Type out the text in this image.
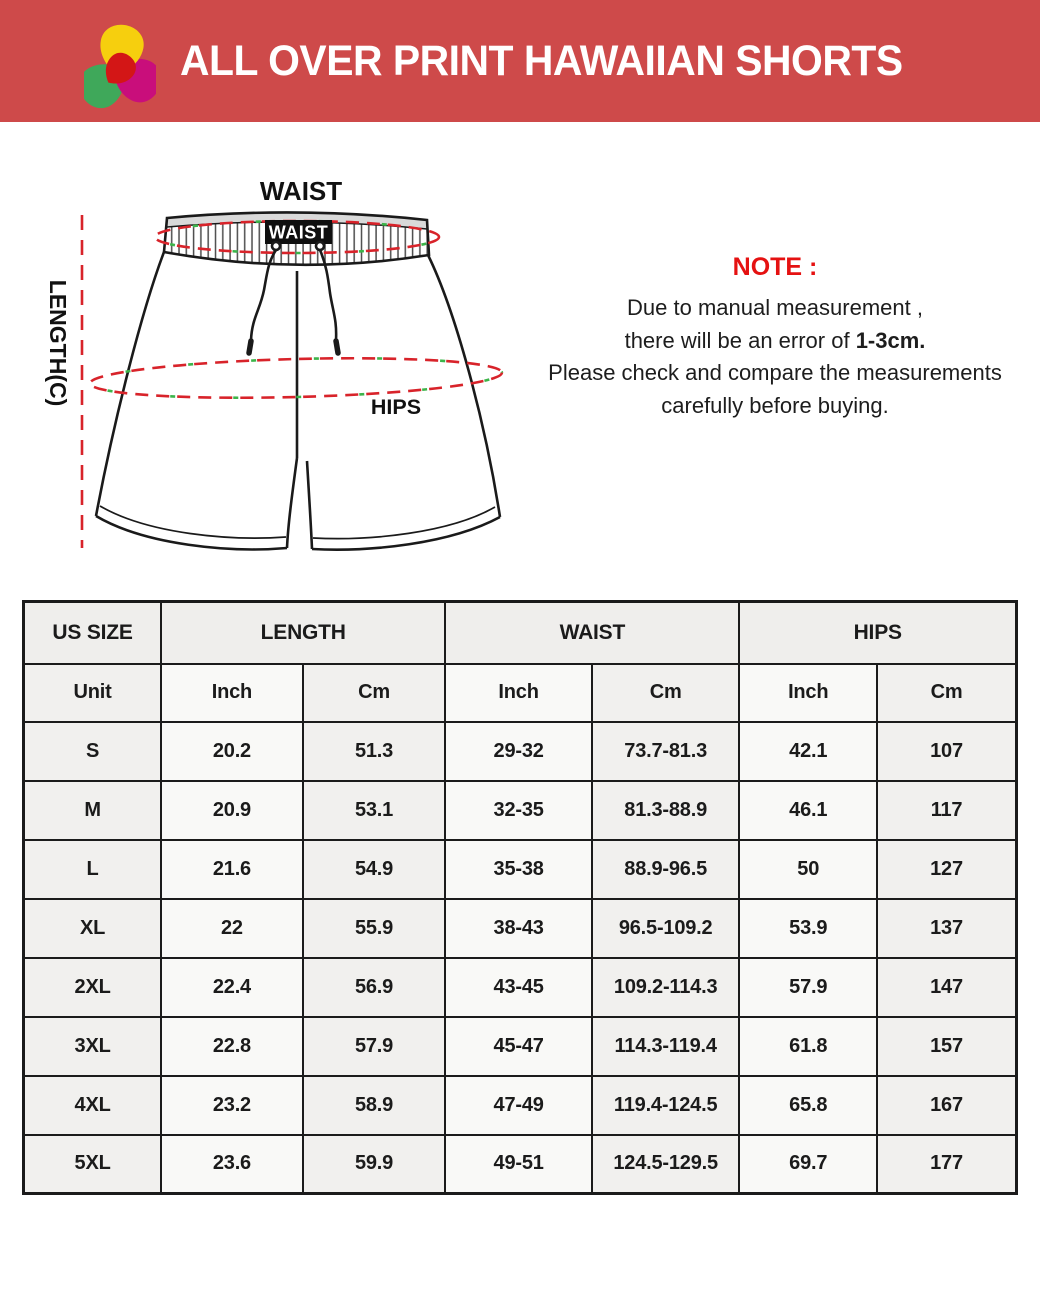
ALL OVER PRINT HAWAIIAN SHORTS
LENGTH(C)
WAIST
WAIST
HIPS

NOTE :

Due to manual measurement ,

there will be an error of 1-3cm.

Please check and compare the measurements

carefully before buying.

US SIZE	LENGTH		WAIST		HIPS	
Unit	Inch	Cm	Inch	Cm	Inch	Cm
S	20.2	51.3	29-32	73.7-81.3	42.1	107
M	20.9	53.1	32-35	81.3-88.9	46.1	117
L	21.6	54.9	35-38	88.9-96.5	50	127
XL	22	55.9	38-43	96.5-109.2	53.9	137
2XL	22.4	56.9	43-45	109.2-114.3	57.9	147
3XL	22.8	57.9	45-47	114.3-119.4	61.8	157
4XL	23.2	58.9	47-49	119.4-124.5	65.8	167
5XL	23.6	59.9	49-51	124.5-129.5	69.7	177
